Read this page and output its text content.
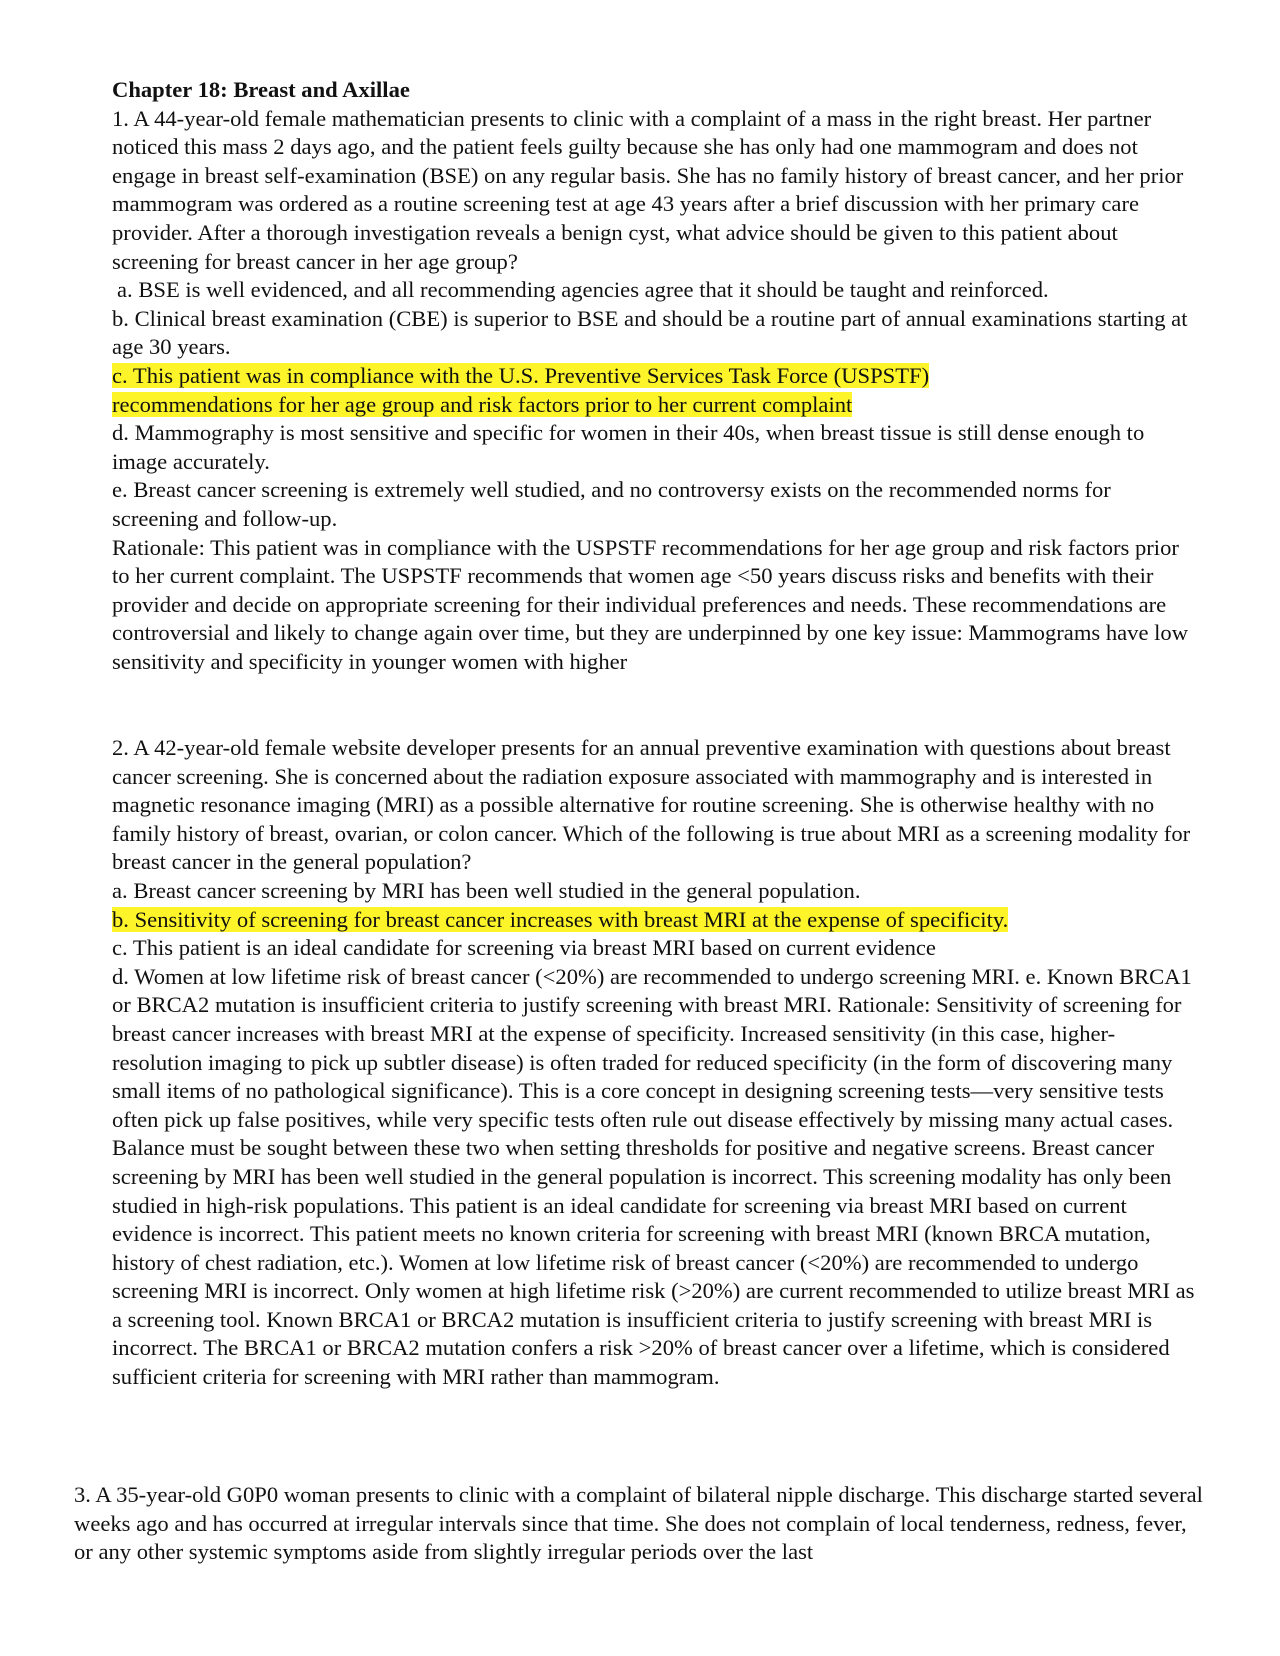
Chapter 18: Breast and Axillae

1. A 44-year-old female mathematician presents to clinic with a complaint of a mass in the right breast. Her partner noticed this mass 2 days ago, and the patient feels guilty because she has only had one mammogram and does not engage in breast self-examination (BSE) on any regular basis. She has no family history of breast cancer, and her prior mammogram was ordered as a routine screening test at age 43 years after a brief discussion with her primary care provider. After a thorough investigation reveals a benign cyst, what advice should be given to this patient about screening for breast cancer in her age group?

a. BSE is well evidenced, and all recommending agencies agree that it should be taught and reinforced.

b. Clinical breast examination (CBE) is superior to BSE and should be a routine part of annual examinations starting at age 30 years.

c. This patient was in compliance with the U.S. Preventive Services Task Force (USPSTF)
recommendations for her age group and risk factors prior to her current complaint

d. Mammography is most sensitive and specific for women in their 40s, when breast tissue is still dense enough to image accurately.

e. Breast cancer screening is extremely well studied, and no controversy exists on the recommended norms for screening and follow-up.

Rationale: This patient was in compliance with the USPSTF recommendations for her age group and risk factors prior to her current complaint. The USPSTF recommends that women age <50 years discuss risks and benefits with their provider and decide on appropriate screening for their individual preferences and needs. These recommendations are controversial and likely to change again over time, but they are underpinned by one key issue: Mammograms have low sensitivity and specificity in younger women with higher

2. A 42-year-old female website developer presents for an annual preventive examination with questions about breast cancer screening. She is concerned about the radiation exposure associated with mammography and is interested in magnetic resonance imaging (MRI) as a possible alternative for routine screening. She is otherwise healthy with no family history of breast, ovarian, or colon cancer. Which of the following is true about MRI as a screening modality for breast cancer in the general population?

a. Breast cancer screening by MRI has been well studied in the general population.

b. Sensitivity of screening for breast cancer increases with breast MRI at the expense of specificity.

c. This patient is an ideal candidate for screening via breast MRI based on current evidence

d. Women at low lifetime risk of breast cancer (<20%) are recommended to undergo screening MRI. e. Known BRCA1 or BRCA2 mutation is insufficient criteria to justify screening with breast MRI. Rationale: Sensitivity of screening for breast cancer increases with breast MRI at the expense of specificity. Increased sensitivity (in this case, higher-resolution imaging to pick up subtler disease) is often traded for reduced specificity (in the form of discovering many small items of no pathological significance). This is a core concept in designing screening tests—very sensitive tests often pick up false positives, while very specific tests often rule out disease effectively by missing many actual cases. Balance must be sought between these two when setting thresholds for positive and negative screens. Breast cancer screening by MRI has been well studied in the general population is incorrect. This screening modality has only been studied in high-risk populations. This patient is an ideal candidate for screening via breast MRI based on current evidence is incorrect. This patient meets no known criteria for screening with breast MRI (known BRCA mutation, history of chest radiation, etc.). Women at low lifetime risk of breast cancer (<20%) are recommended to undergo screening MRI is incorrect. Only women at high lifetime risk (>20%) are current recommended to utilize breast MRI as a screening tool. Known BRCA1 or BRCA2 mutation is insufficient criteria to justify screening with breast MRI is incorrect. The BRCA1 or BRCA2 mutation confers a risk >20% of breast cancer over a lifetime, which is considered sufficient criteria for screening with MRI rather than mammogram.

3. A 35-year-old G0P0 woman presents to clinic with a complaint of bilateral nipple discharge. This discharge started several weeks ago and has occurred at irregular intervals since that time. She does not complain of local tenderness, redness, fever, or any other systemic symptoms aside from slightly irregular periods over the last
